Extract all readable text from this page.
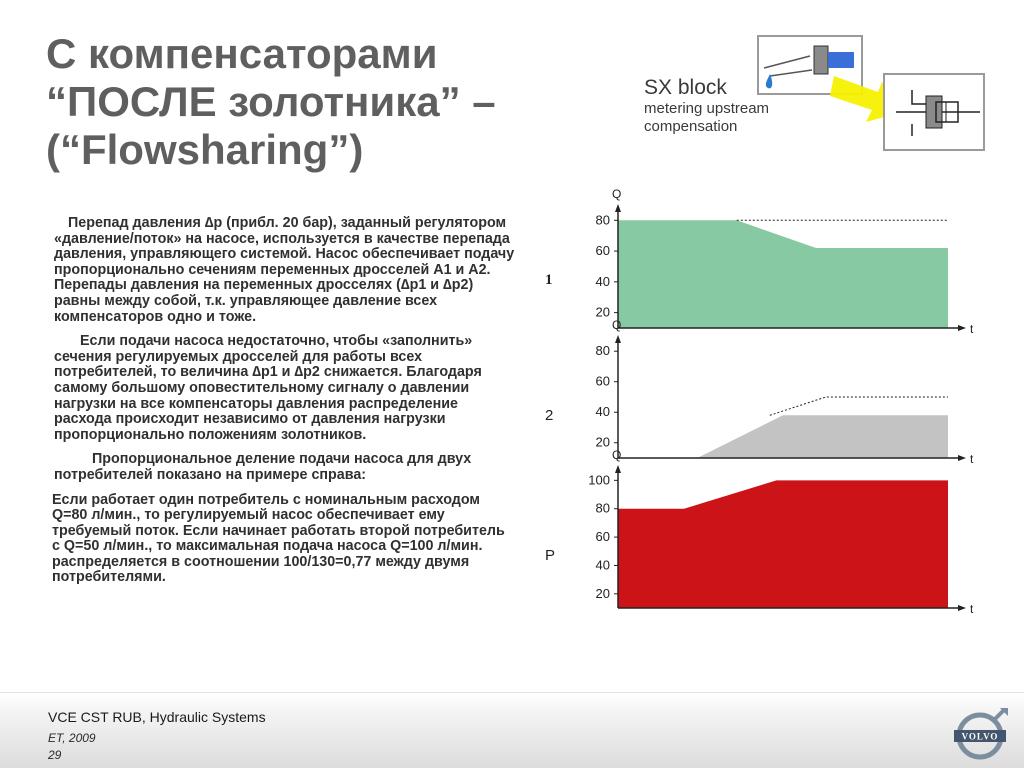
С компенсаторами
“ПОСЛЕ золотника” –
(“Flowsharing”)
SX block
metering upstream
compensation

Перепад давления ∆р (прибл. 20 бар), заданный регулятором «давление/поток» на насосе, используется в качестве перепада давления, управляющего системой. Насос обеспечивает подачу пропорционально сечениям переменных дросселей А1 и А2. Перепады давления на переменных дросселях (∆р1 и ∆р2) равны между собой, т.к. управляющее давление всех компенсаторов одно и тоже.

Если подачи насоса недостаточно, чтобы «заполнить» сечения регулируемых дросселей для работы всех потребителей, то величина ∆р1 и ∆р2 снижается. Благодаря самому большому оповестительному сигналу о давлении нагрузки на все компенсаторы давления распределение расхода происходит независимо от давления нагрузки пропорционально положениям золотников.

Пропорциональное деление подачи насоса для двух потребителей показано на примере справа:

Если работает один потребитель с номинальным расходом Q=80 л/мин., то регулируемый насос обеспечивает ему требуемый поток. Если начинает работать второй потребитель с Q=50 л/мин., то максимальная подача насоса Q=100 л/мин. распределяется в соотношении 100/130=0,77 между двумя потребителями.

20
40
60
80
Q
t
1
20
40
60
80
Q
t
2
20
40
60
80
100
Q
t
P
VCE CST RUB, Hydraulic Systems
ET, 2009
29
VOLVO
